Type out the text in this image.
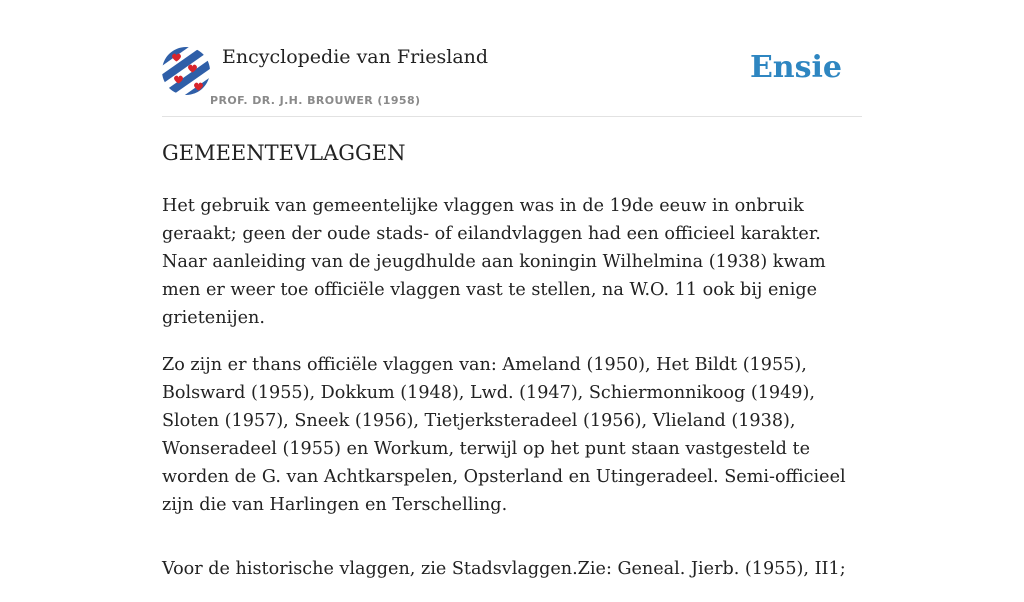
Encyclopedie van Friesland
PROF. DR. J.H. BROUWER (1958)
Ensie
GEMEENTEVLAGGEN

Het gebruik van gemeentelijke vlaggen was in de 19de eeuw in onbruik geraakt; geen der oude stads- of eilandvlaggen had een officieel karakter. Naar aanleiding van de jeugdhulde aan koningin Wilhelmina (1938) kwam men er weer toe officiële vlaggen vast te stellen, na W.O. 11 ook bij enige grietenijen.

Zo zijn er thans officiële vlaggen van: Ameland (1950), Het Bildt (1955), Bolsward (1955), Dokkum (1948), Lwd. (1947), Schiermonnikoog (1949), Sloten (1957), Sneek (1956), Tietjerksteradeel (1956), Vlieland (1938), Wonseradeel (1955) en Workum, terwijl op het punt staan vastgesteld te worden de G. van Achtkarspelen, Opsterland en Utingeradeel. Semi-officieel zijn die van Harlingen en Terschelling.

Voor de historische vlaggen, zie Stadsvlaggen.Zie: Geneal. Jierb. (1955), II1;
